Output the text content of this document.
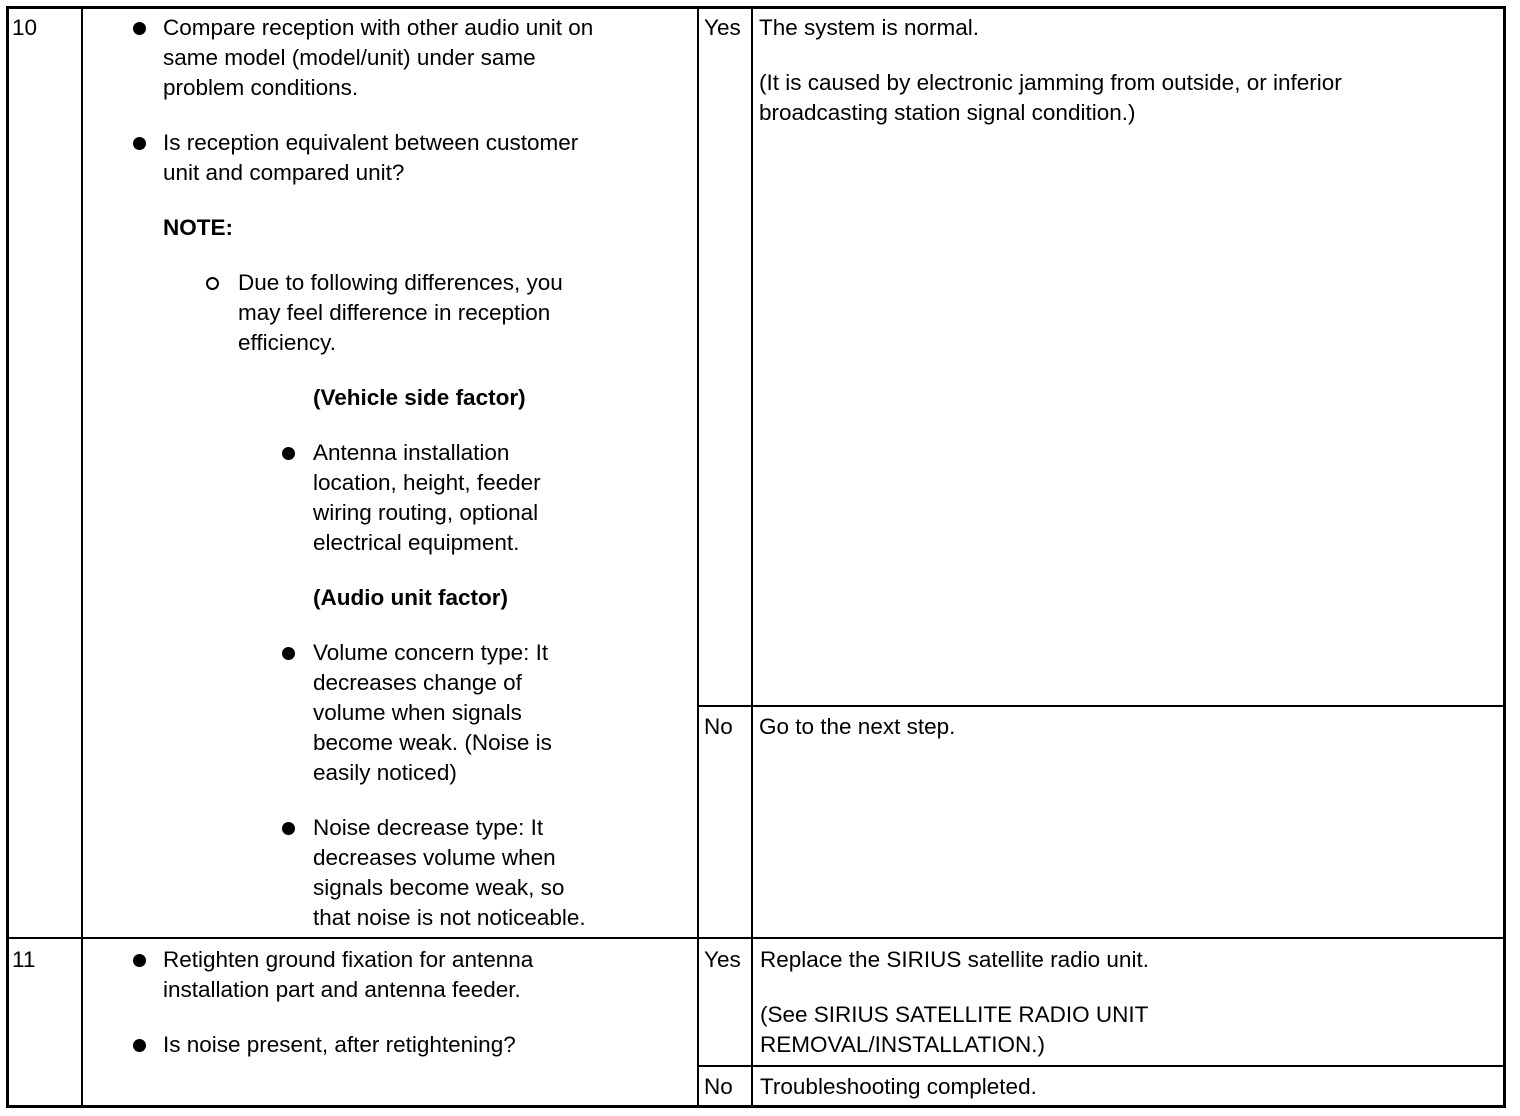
10	Compare reception with other audio unit on
same model (model/unit) under same
problem conditions.
Is reception equivalent between customer
unit and compared unit?
NOTE:
Due to following differences, you
may feel difference in reception
efficiency.
(Vehicle side factor)
Antenna installation
location, height, feeder
wiring routing, optional
electrical equipment.
(Audio unit factor)
Volume concern type: It
decreases change of
volume when signals
become weak. (Noise is
easily noticed)
Noise decrease type: It
decreases volume when
signals become weak, so
that noise is not noticeable.
Yes The system is normal.
(It is caused by electronic jamming from outside, or inferior
broadcasting station signal condition.)
No Go to the next step.
11	Retighten ground fixation for antenna
installation part and antenna feeder.
Is noise present, after retightening?
Yes Replace the SIRIUS satellite radio unit.
(See SIRIUS SATELLITE RADIO UNIT
REMOVAL/INSTALLATION.)
No Troubleshooting completed.
